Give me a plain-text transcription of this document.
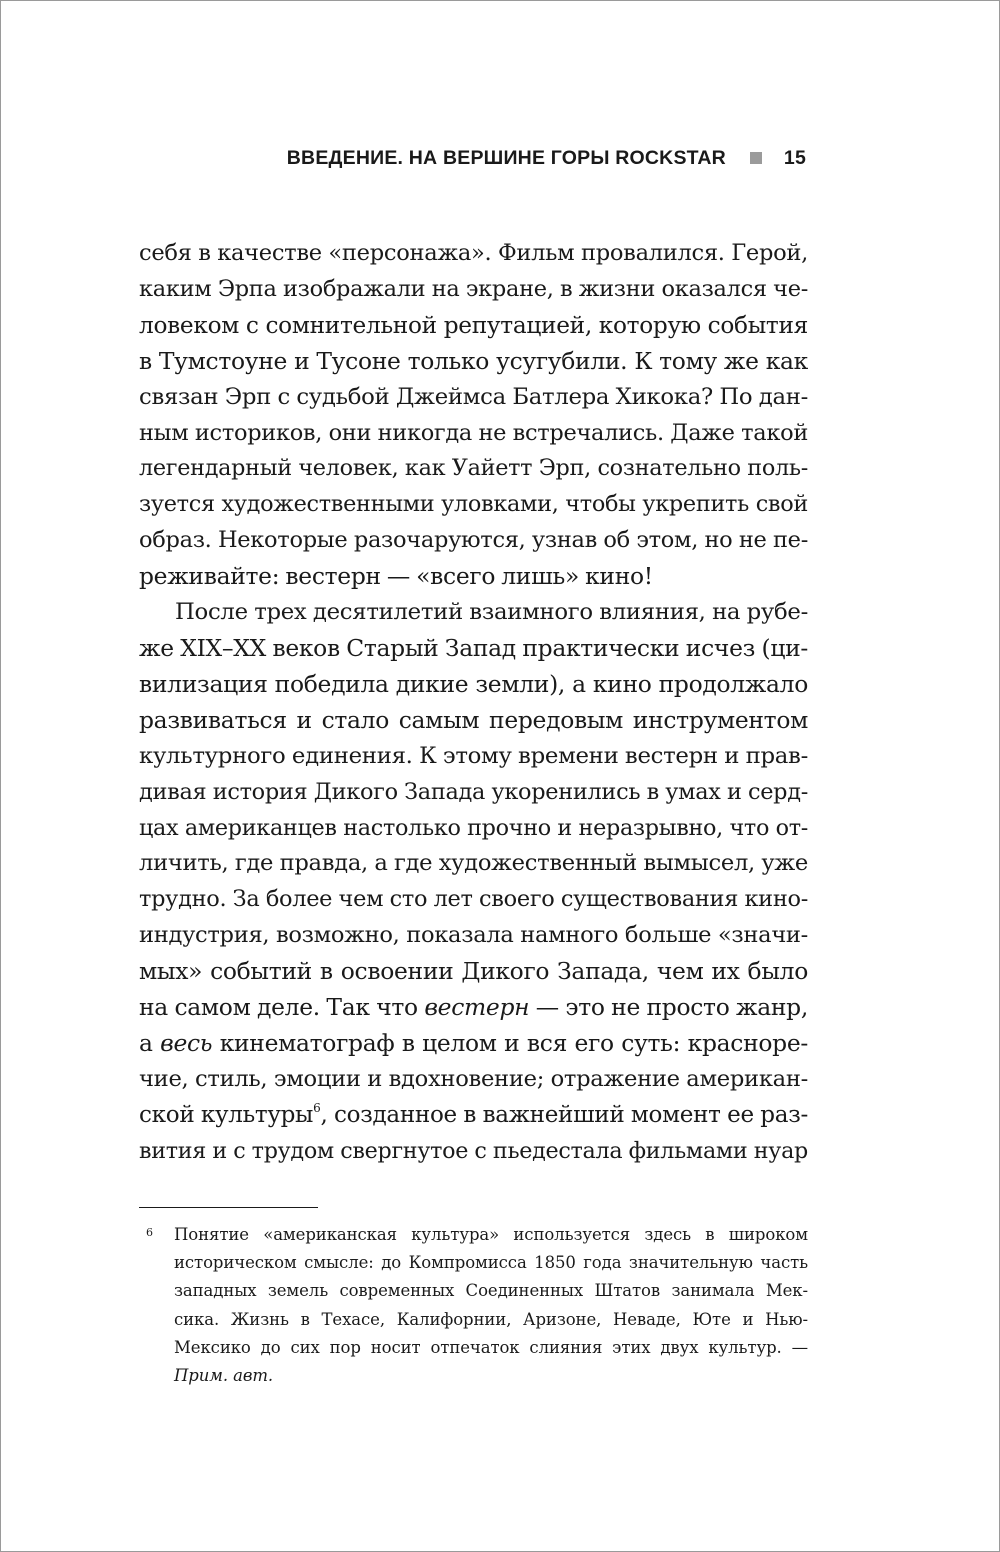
ВВЕДЕНИЕ. НА ВЕРШИНЕ ГОРЫ ROCKSTAR	15
себя в качестве «персонажа». Фильм провалился. Герой,
каким Эрпа изображали на экране, в жизни оказался че-
ловеком с сомнительной репутацией, которую события
в Тумстоуне и Тусоне только усугубили. К тому же как
связан Эрп с судьбой Джеймса Батлера Хикока? По дан-
ным историков, они никогда не встречались. Даже такой
легендарный человек, как Уайетт Эрп, сознательно поль-
зуется художественными уловками, чтобы укрепить свой
образ. Некоторые разочаруются, узнав об этом, но не пе-
реживайте: вестерн — «всего лишь» кино!
После трех десятилетий взаимного влияния, на рубе-
же XIX–XX веков Старый Запад практически исчез (ци-
вилизация победила дикие земли), а кино продолжало
развиваться и стало самым передовым инструментом
культурного единения. К этому времени вестерн и прав-
дивая история Дикого Запада укоренились в умах и серд-
цах американцев настолько прочно и неразрывно, что от-
личить, где правда, а где художественный вымысел, уже
трудно. За более чем сто лет своего существования кино-
индустрия, возможно, показала намного больше «значи-
мых» событий в освоении Дикого Запада, чем их было
на самом деле. Так что вестерн — это не просто жанр,
а весь кинематограф в целом и вся его суть: красноре-
чие, стиль, эмоции и вдохновение; отражение американ-
ской культуры$^6$, созданное в важнейший момент ее раз-
вития и с трудом свергнутое с пьедестала фильмами нуар
6 Понятие «американская культура» используется здесь в широком
историческом смысле: до Компромисса 1850 года значительную часть
западных земель современных Соединенных Штатов занимала Мек-
сика. Жизнь в Техасе, Калифорнии, Аризоне, Неваде, Юте и Нью-
Мексико до сих пор носит отпечаток слияния этих двух культур. —
Прим. авт.
